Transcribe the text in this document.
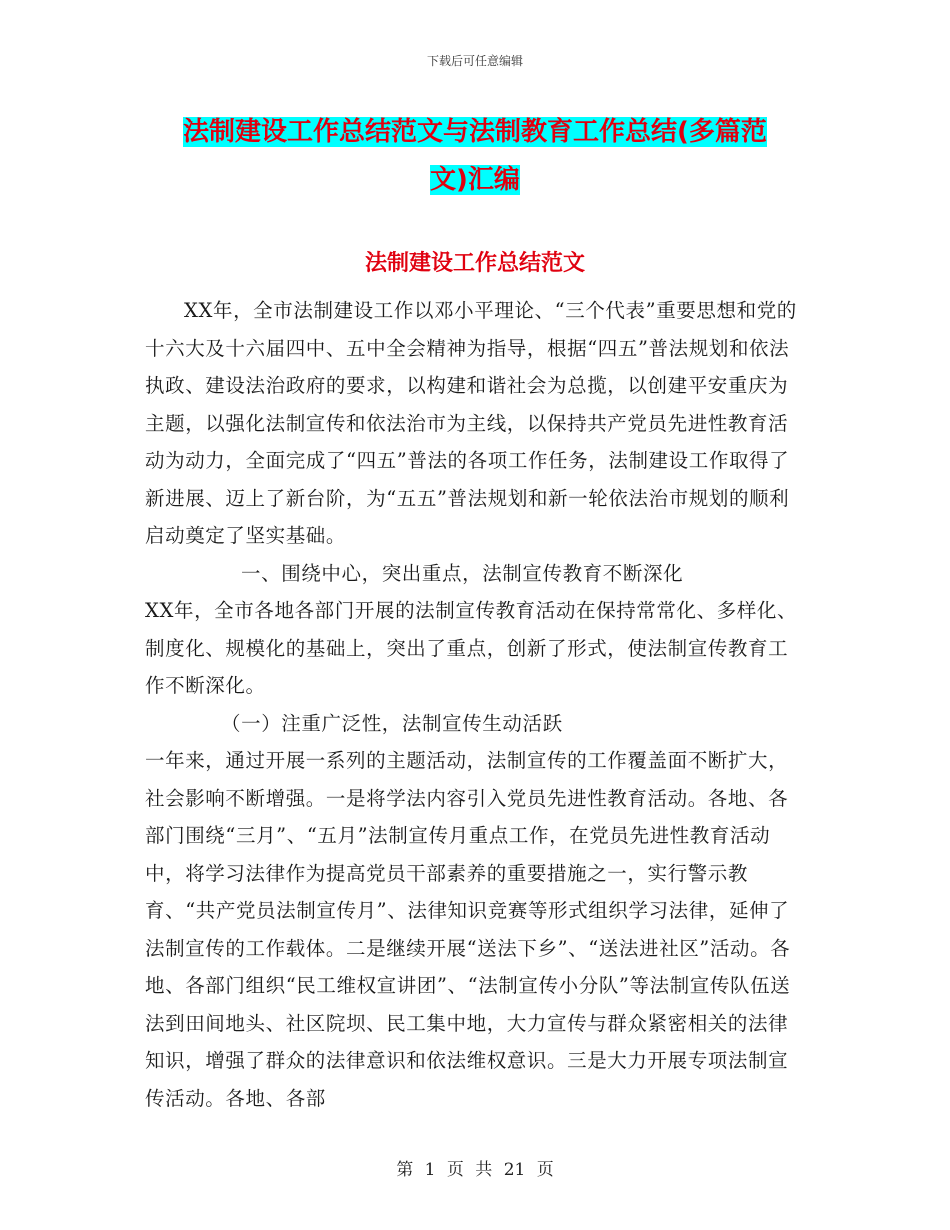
下载后可任意编辑
法制建设工作总结范文与法制教育工作总结(多篇范
文)汇编
法制建设工作总结范文

XX年，全市法制建设工作以邓小平理论、“三个代表”重要思想和党的十六大及十六届四中、五中全会精神为指导，根据“四五”普法规划和依法执政、建设法治政府的要求，以构建和谐社会为总揽，以创建平安重庆为主题，以强化法制宣传和依法治市为主线，以保持共产党员先进性教育活动为动力，全面完成了“四五”普法的各项工作任务，法制建设工作取得了新进展、迈上了新台阶，为“五五”普法规划和新一轮依法治市规划的顺利启动奠定了坚实基础。

一、围绕中心，突出重点，法制宣传教育不断深化

XX年，全市各地各部门开展的法制宣传教育活动在保持常常化、多样化、制度化、规模化的基础上，突出了重点，创新了形式，使法制宣传教育工作不断深化。

（一）注重广泛性，法制宣传生动活跃

一年来，通过开展一系列的主题活动，法制宣传的工作覆盖面不断扩大，社会影响不断增强。一是将学法内容引入党员先进性教育活动。各地、各部门围绕“三月”、“五月”法制宣传月重点工作，在党员先进性教育活动中，将学习法律作为提高党员干部素养的重要措施之一，实行警示教育、“共产党员法制宣传月”、法律知识竞赛等形式组织学习法律，延伸了法制宣传的工作载体。二是继续开展“送法下乡”、“送法进社区”活动。各地、各部门组织“民工维权宣讲团”、“法制宣传小分队”等法制宣传队伍送法到田间地头、社区院坝、民工集中地，大力宣传与群众紧密相关的法律知识，增强了群众的法律意识和依法维权意识。三是大力开展专项法制宣传活动。各地、各部

第 1 页 共 21 页
